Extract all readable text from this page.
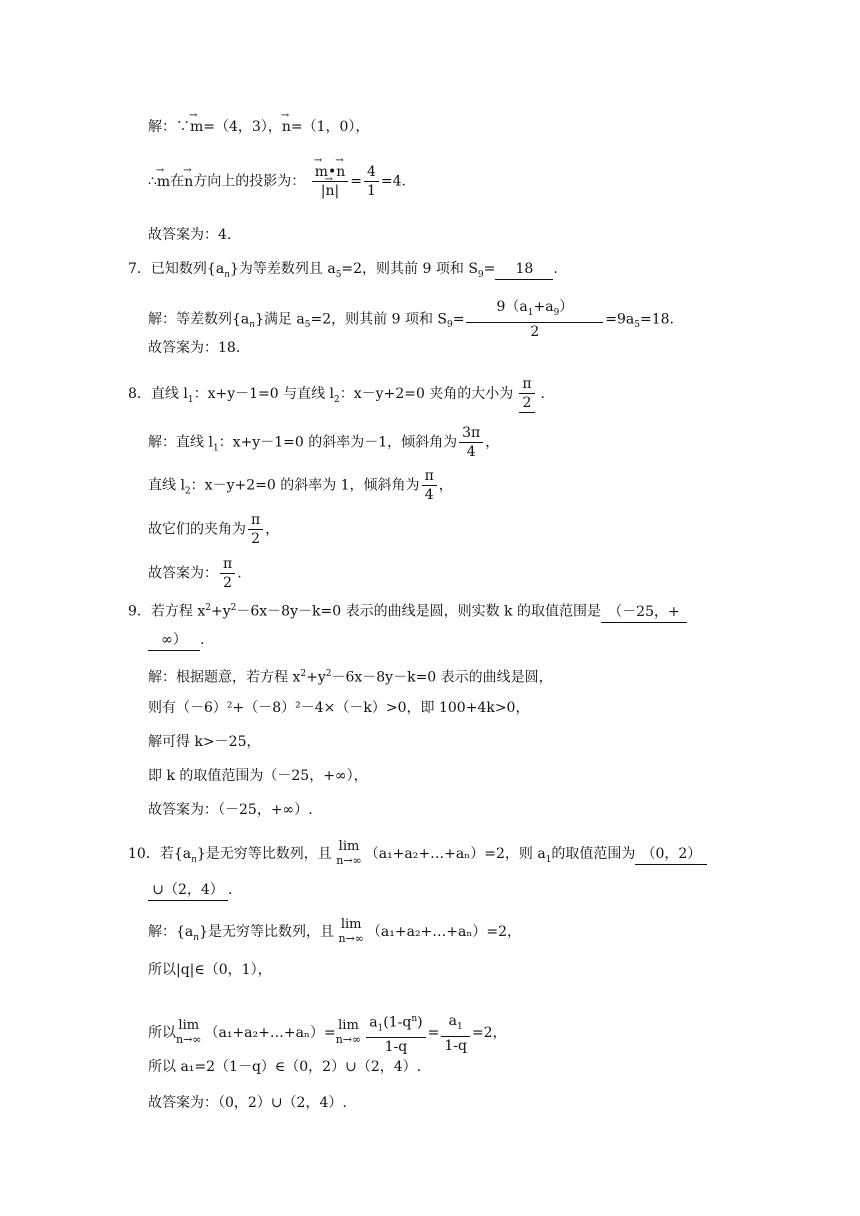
解：∵→ m=（4，3），→ n=（1，0），
∴→ m在→ n方向上的投影为：
→ $\frac{m•\to n}{|\to n|} = \frac{4}{1} =4$.
故答案为：4.
7．已知数列$\{a_n\}$为等差数列且 $a_5=2$，则其前 9 项和 $S_9= 18$ .
解：等差数列$\{a_n\}$满足 $a_5=2$，则其前 9 项和 $S_9= \frac{9(a_1+a_9)}{2} =9a_5=18$.
故答案为：18.
8．直线 $l_1$：x+y－1=0 与直线 $l_2$：x－y+2=0 夹角的大小为 $\frac{\pi}{2}$ .
解：直线 $l_1$：x+y－1=0 的斜率为－1，倾斜角为 $\frac{3\pi}{4}$ ，
直线 $l_2$：x－y+2=0 的斜率为 1，倾斜角为 $\frac{\pi}{4}$ ，
故它们的夹角为 $\frac{\pi}{2}$ ，
故答案为： $\frac{\pi}{2}$ .
9．若方程 $x^2+y^2-6x-8y-k=0$ 表示的曲线是圆，则实数 k 的取值范围是 （－25，+
∞） .
解：根据题意，若方程 $x^2+y^2-6x-8y-k=0$ 表示的曲线是圆，
则有（－6）²+（－8）²－4×（－k）>0，即 100+4k>0，
解可得 k>－25，
即 k 的取值范围为（－25，+∞），
故答案为：（－25，+∞）.
10．若$\{a_n\}$是无穷等比数列，且 lim
n→∞ （a₁+a₂+…+aₙ）=2，则 $a_1$的取值范围为 （0，2）
∪（2，4） .
解：$\{a_n\}$是无穷等比数列，且 lim
n→∞ （a₁+a₂+…+aₙ）=2，
所以|q|∈（0，1），
所以 lim
n→∞ （a₁+a₂+…+aₙ）= lim
$n\to\infty \frac{a_1(1-q^n)}{1-q} = \frac{a_1}{1-q} =2$，
所以 a₁=2（1－q）∈（0，2）∪（2，4）.
故答案为：（0，2）∪（2，4）.
